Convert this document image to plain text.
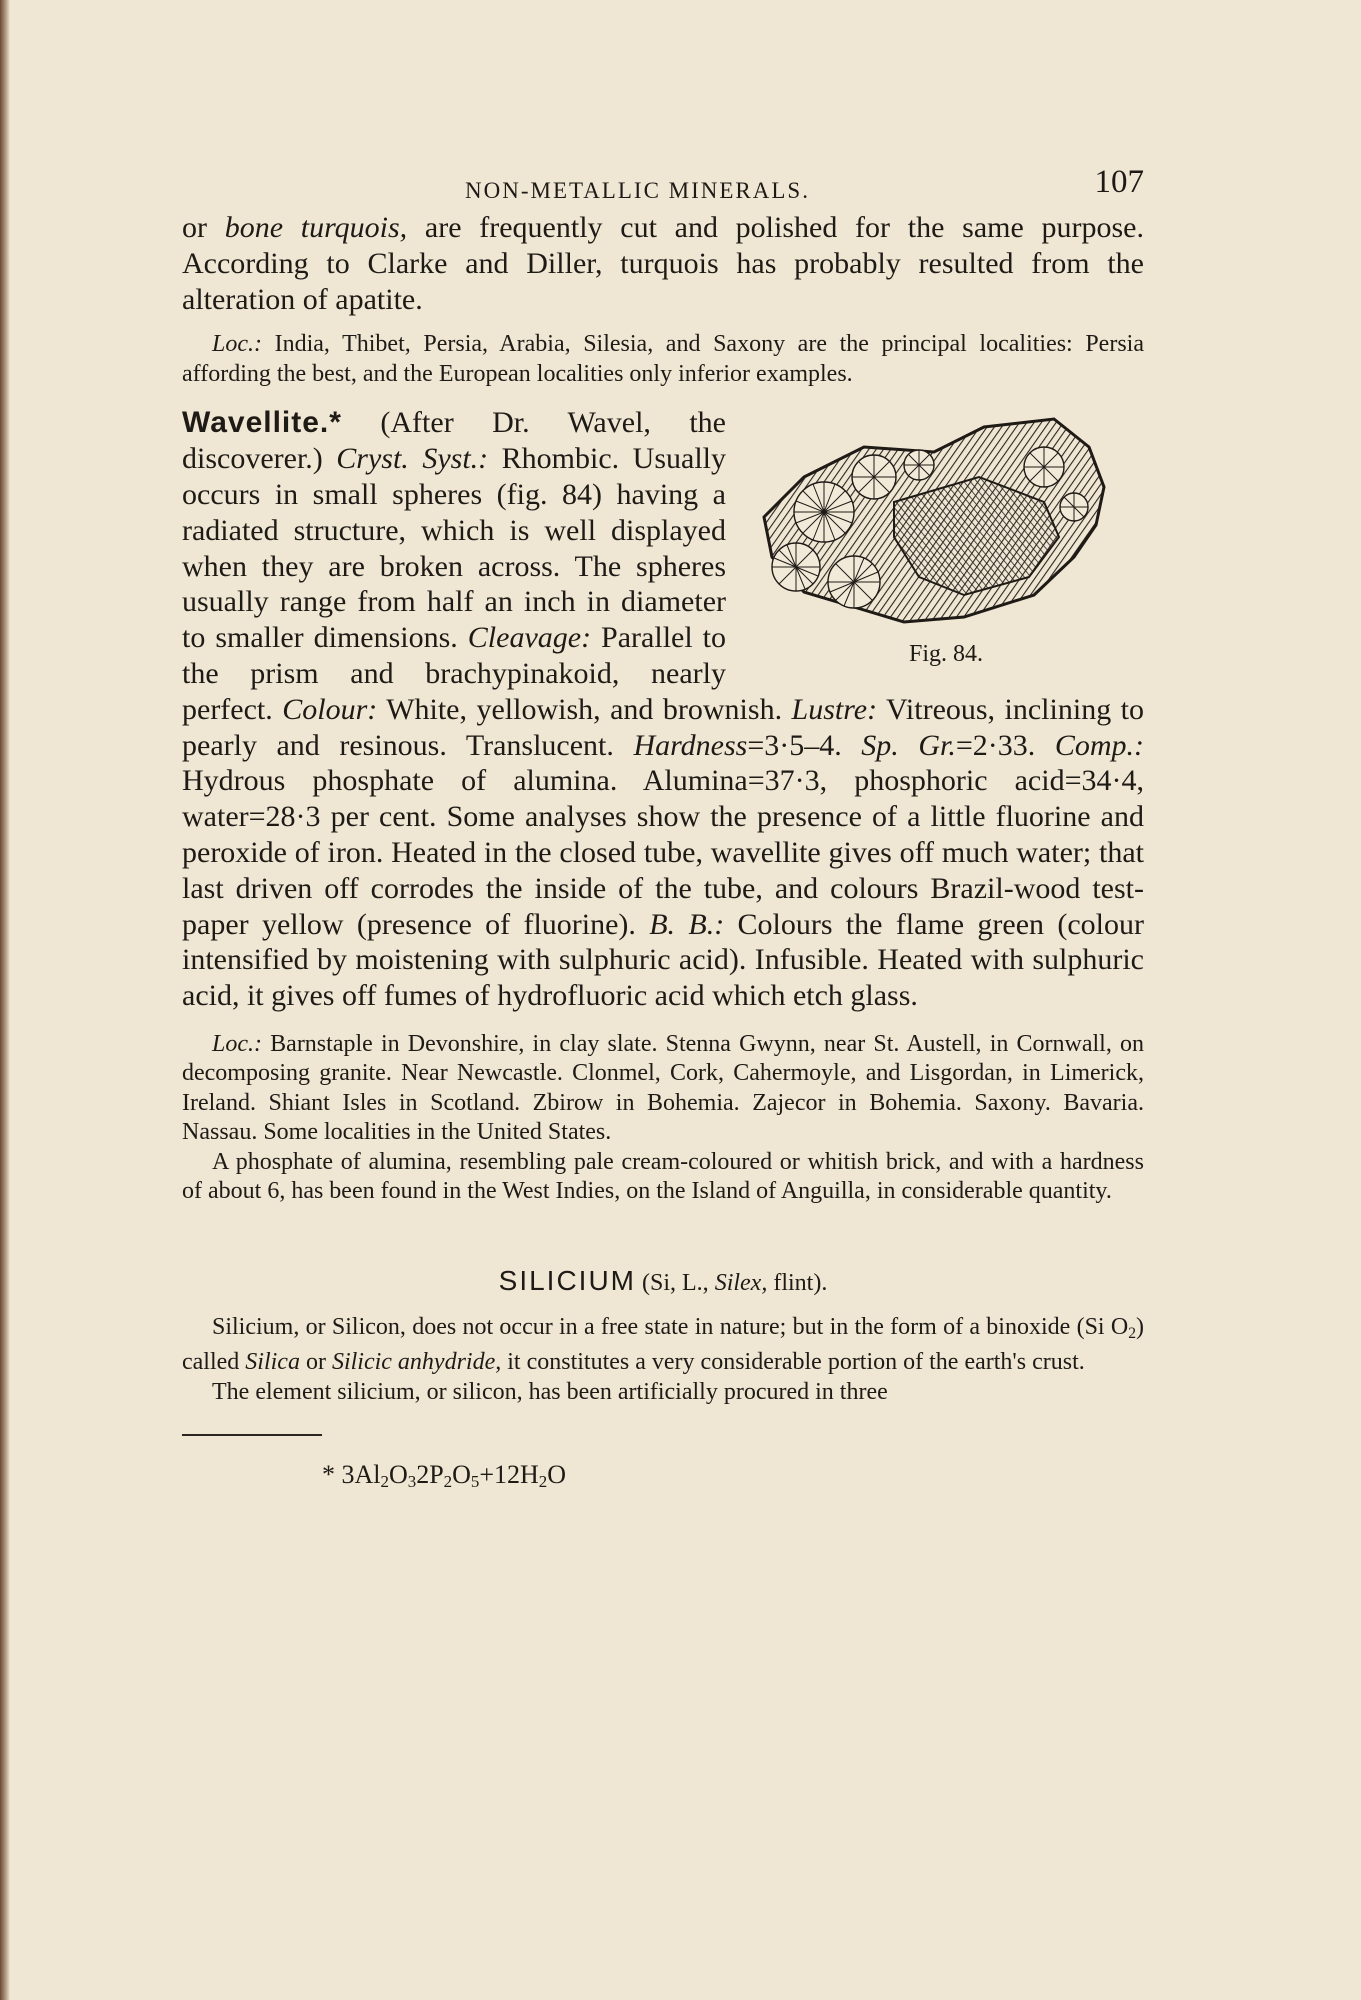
NON-METALLIC MINERALS.	107

or bone turquois, are frequently cut and polished for the same purpose. According to Clarke and Diller, turquois has probably resulted from the alteration of apatite.

Loc.: India, Thibet, Persia, Arabia, Silesia, and Saxony are the principal localities: Persia affording the best, and the European localities only inferior examples.

Fig. 84.

Wavellite.* (After Dr. Wavel, the discoverer.) Cryst. Syst.: Rhombic. Usually occurs in small spheres (fig. 84) having a radiated structure, which is well displayed when they are broken across. The spheres usually range from half an inch in diameter to smaller dimensions. Cleavage: Parallel to the prism and brachypinakoid, nearly perfect. Colour: White, yellowish, and brownish. Lustre: Vitreous, inclining to pearly and resinous. Translucent. Hardness=3·5–4. Sp. Gr.=2·33. Comp.: Hydrous phosphate of alumina. Alumina=37·3, phosphoric acid=34·4, water=28·3 per cent. Some analyses show the presence of a little fluorine and peroxide of iron. Heated in the closed tube, wavellite gives off much water; that last driven off corrodes the inside of the tube, and colours Brazil-wood test-paper yellow (presence of fluorine). B. B.: Colours the flame green (colour intensified by moistening with sulphuric acid). Infusible. Heated with sulphuric acid, it gives off fumes of hydrofluoric acid which etch glass.

Loc.: Barnstaple in Devonshire, in clay slate. Stenna Gwynn, near St. Austell, in Cornwall, on decomposing granite. Near Newcastle. Clonmel, Cork, Cahermoyle, and Lisgordan, in Limerick, Ireland. Shiant Isles in Scotland. Zbirow in Bohemia. Zajecor in Bohemia. Saxony. Bavaria. Nassau. Some localities in the United States.

A phosphate of alumina, resembling pale cream-coloured or whitish brick, and with a hardness of about 6, has been found in the West Indies, on the Island of Anguilla, in considerable quantity.

SILICIUM (Si, L., Silex, flint).

Silicium, or Silicon, does not occur in a free state in nature; but in the form of a binoxide (Si $O_2$) called Silica or Silicic anhydride, it constitutes a very considerable portion of the earth's crust.

The element silicium, or silicon, has been artificially procured in three

* $3Al_2O_32P_2O_5+12H_2O$
